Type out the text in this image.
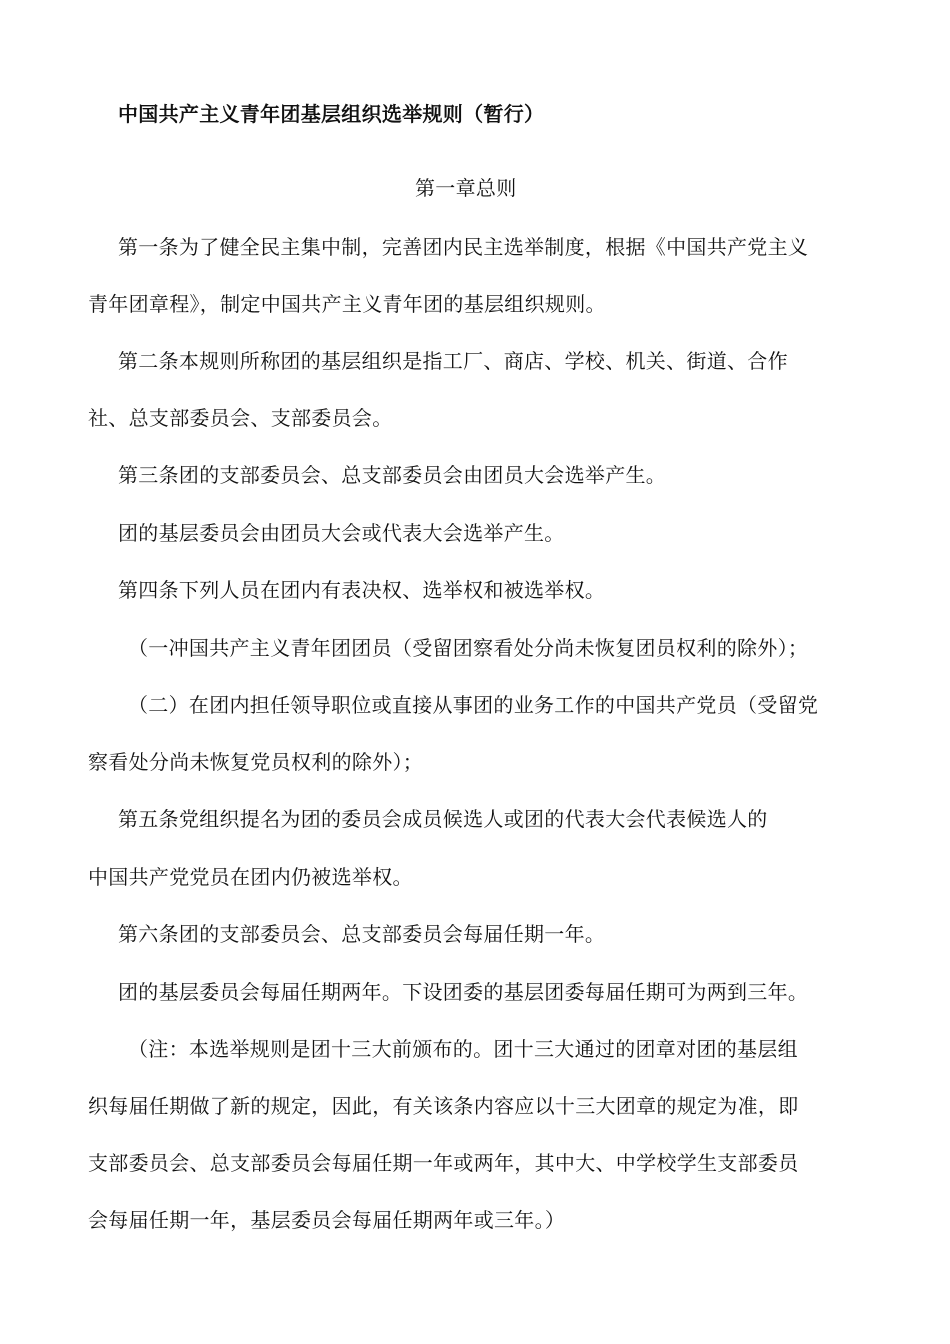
中国共产主义青年团基层组织选举规则（暂行）
第一章总则
第一条为了健全民主集中制，完善团内民主选举制度，根据《中国共产党主义
青年团章程》，制定中国共产主义青年团的基层组织规则。
第二条本规则所称团的基层组织是指工厂、商店、学校、机关、街道、合作
社、总支部委员会、支部委员会。
第三条团的支部委员会、总支部委员会由团员大会选举产生。
团的基层委员会由团员大会或代表大会选举产生。
第四条下列人员在团内有表决权、选举权和被选举权。
（一冲国共产主义青年团团员（受留团察看处分尚未恢复团员权利的除外）；
（二）在团内担任领导职位或直接从事团的业务工作的中国共产党员（受留党
察看处分尚未恢复党员权利的除外）；
第五条党组织提名为团的委员会成员候选人或团的代表大会代表候选人的
中国共产党党员在团内仍被选举权。
第六条团的支部委员会、总支部委员会每届任期一年。
团的基层委员会每届任期两年。下设团委的基层团委每届任期可为两到三年。
（注：本选举规则是团十三大前颁布的。团十三大通过的团章对团的基层组
织每届任期做了新的规定，因此，有关该条内容应以十三大团章的规定为准，即
支部委员会、总支部委员会每届任期一年或两年，其中大、中学校学生支部委员
会每届任期一年，基层委员会每届任期两年或三年。）
